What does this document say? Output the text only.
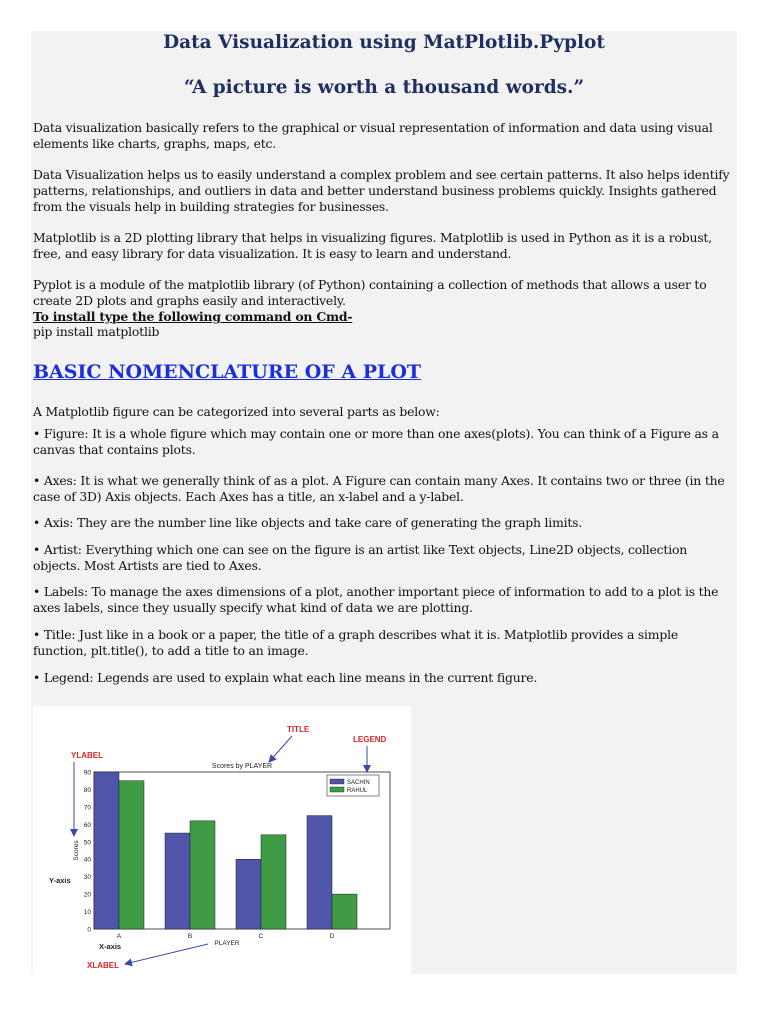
Data Visualization using MatPlotlib.Pyplot

“A picture is worth a thousand words.”

Data visualization basically refers to the graphical or visual representation of information and data using visual elements like charts, graphs, maps, etc.

Data Visualization helps us to easily understand a complex problem and see certain patterns. It also helps identify patterns, relationships, and outliers in data and better understand business problems quickly. Insights gathered from the visuals help in building strategies for businesses.

Matplotlib is a 2D plotting library that helps in visualizing figures. Matplotlib is used in Python as it is a robust, free, and easy library for data visualization. It is easy to learn and understand.

Pyplot is a module of the matplotlib library (of Python) containing a collection of methods that allows a user to create 2D plots and graphs easily and interactively.

To install type the following command on Cmd-

pip install matplotlib

BASIC NOMENCLATURE OF A PLOT

A Matplotlib figure can be categorized into several parts as below:

• Figure: It is a whole figure which may contain one or more than one axes(plots). You can think of a Figure as a canvas that contains plots.

• Axes: It is what we generally think of as a plot. A Figure can contain many Axes. It contains two or three (in the case of 3D) Axis objects. Each Axes has a title, an x-label and a y-label.

• Axis: They are the number line like objects and take care of generating the graph limits.

• Artist: Everything which one can see on the figure is an artist like Text objects, Line2D objects, collection objects. Most Artists are tied to Axes.

• Labels: To manage the axes dimensions of a plot, another important piece of information to add to a plot is the axes labels, since they usually specify what kind of data we are plotting.

• Title: Just like in a book or a paper, the title of a graph describes what it is. Matplotlib provides a simple function, plt.title(), to add a title to an image.

• Legend: Legends are used to explain what each line means in the current figure.

Scores by PLAYER
0
10
20
30
40
50
60
70
80
90
Scores
A	B	C	D
PLAYER
SACHIN
RAHUL
TITLE
LEGEND
YLABEL
Y-axis
X-axis
XLABEL
